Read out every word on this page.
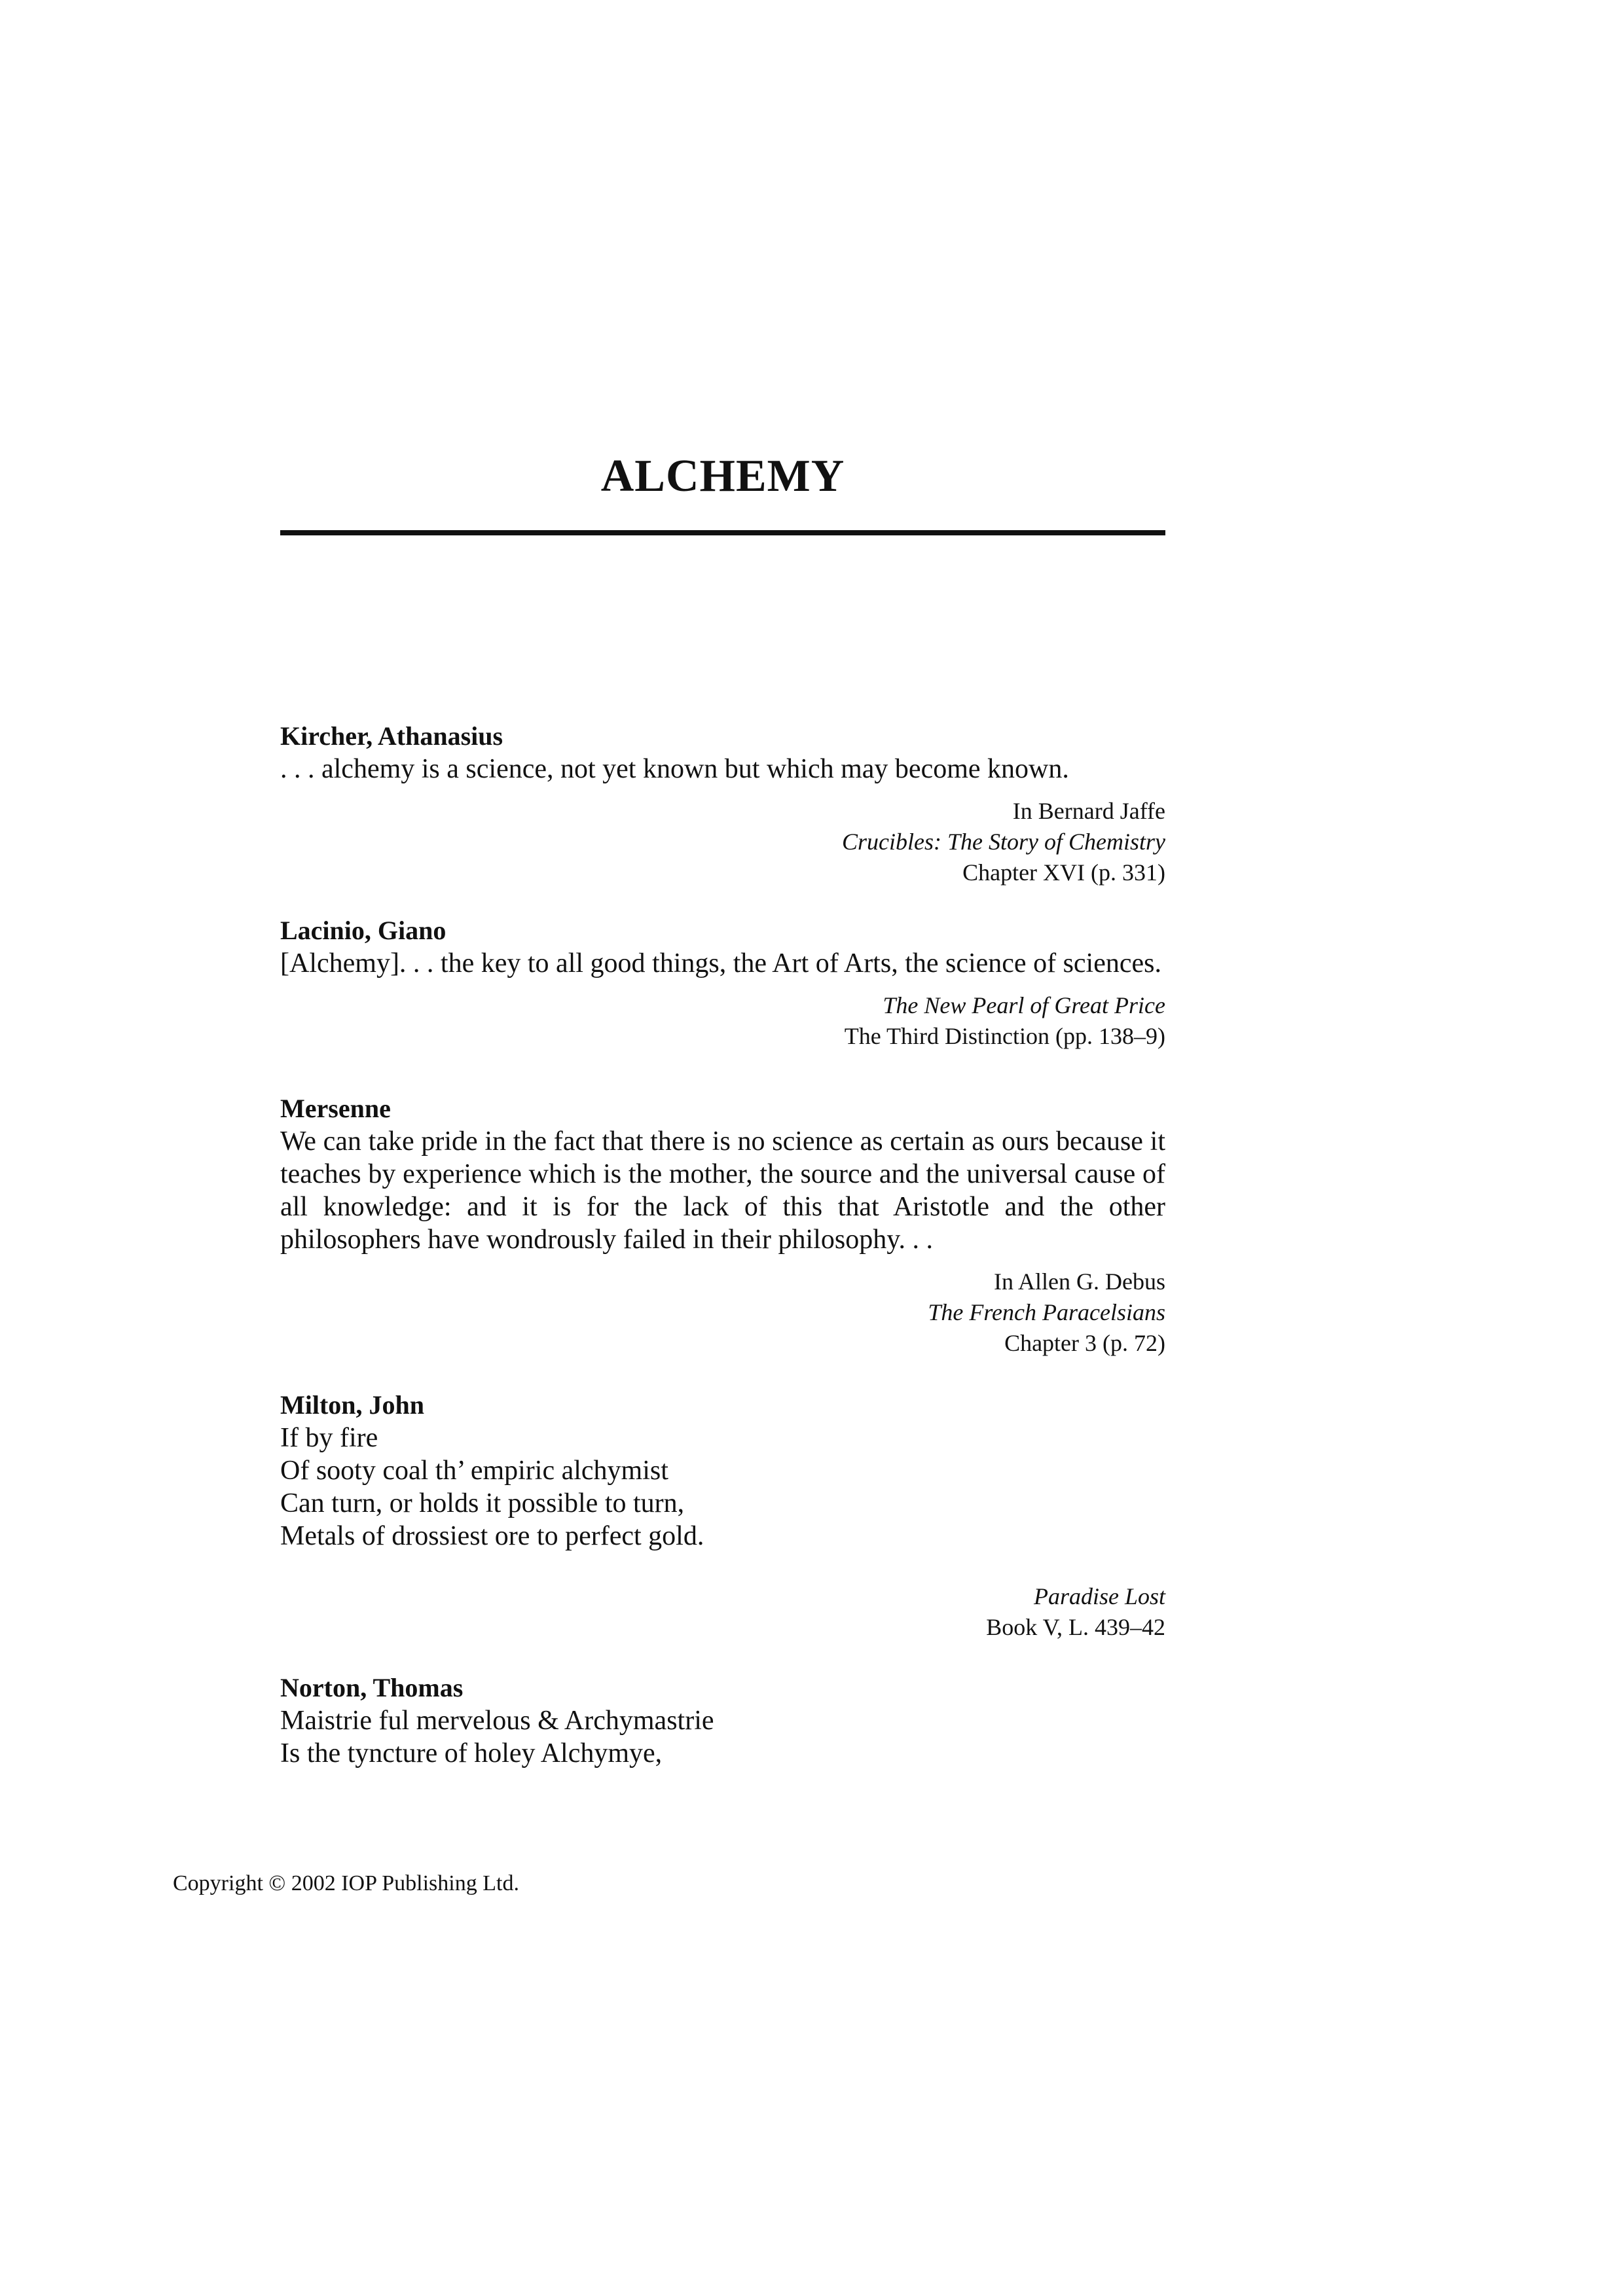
ALCHEMY
Kircher, Athanasius
. . . alchemy is a science, not yet known but which may become known.
In Bernard Jaffe
Crucibles: The Story of Chemistry
Chapter XVI (p. 331)
Lacinio, Giano

[Alchemy]. . . the key to all good things, the Art of Arts, the science of sciences.

The New Pearl of Great Price
The Third Distinction (pp. 138–9)
Mersenne

We can take pride in the fact that there is no science as certain as ours because it teaches by experience which is the mother, the source and the universal cause of all knowledge: and it is for the lack of this that Aristotle and the other philosophers have wondrously failed in their philosophy. . .

In Allen G. Debus
The French Paracelsians
Chapter 3 (p. 72)
Milton, John
If by fire
Of sooty coal th’ empiric alchymist
Can turn, or holds it possible to turn,
Metals of drossiest ore to perfect gold.
Paradise Lost
Book V, L. 439–42
Norton, Thomas
Maistrie ful mervelous & Archymastrie
Is the tyncture of holey Alchymye,
Copyright © 2002 IOP Publishing Ltd.
